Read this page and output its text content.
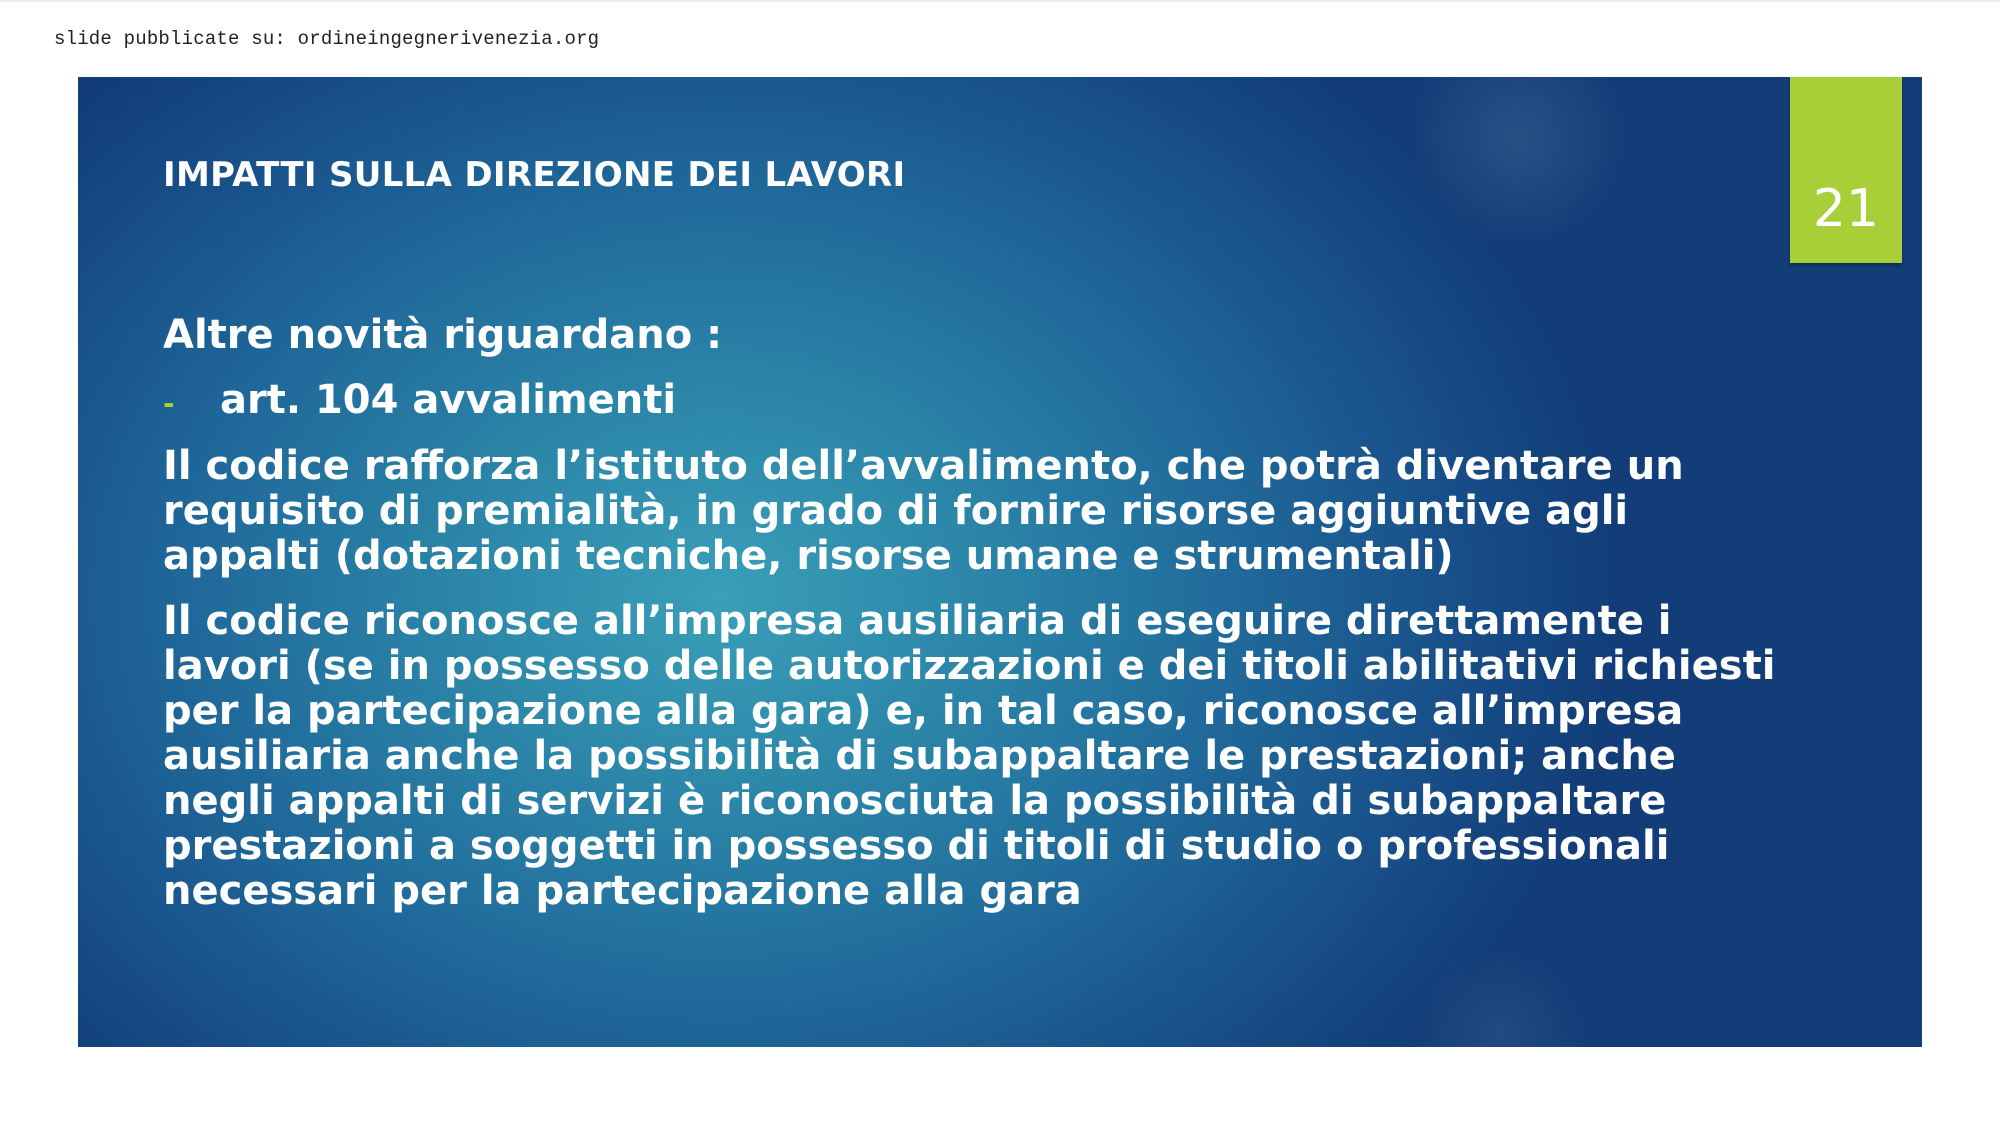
slide pubblicate su: ordineingegnerivenezia.org
21
IMPATTI SULLA DIREZIONE DEI LAVORI

Altre novità riguardano :

-	art. 104 avvalimenti

Il codice rafforza l’istituto dell’avvalimento, che potrà diventare un requisito di premialità, in grado di fornire risorse aggiuntive agli appalti (dotazioni tecniche, risorse umane e strumentali)

Il codice riconosce all’impresa ausiliaria di eseguire direttamente i lavori (se in possesso delle autorizzazioni e dei titoli abilitativi richiesti per la partecipazione alla gara) e, in tal caso, riconosce all’impresa ausiliaria anche la possibilità di subappaltare le prestazioni; anche negli appalti di servizi è riconosciuta la possibilità di subappaltare prestazioni a soggetti in possesso di titoli di studio o professionali necessari per la partecipazione alla gara
